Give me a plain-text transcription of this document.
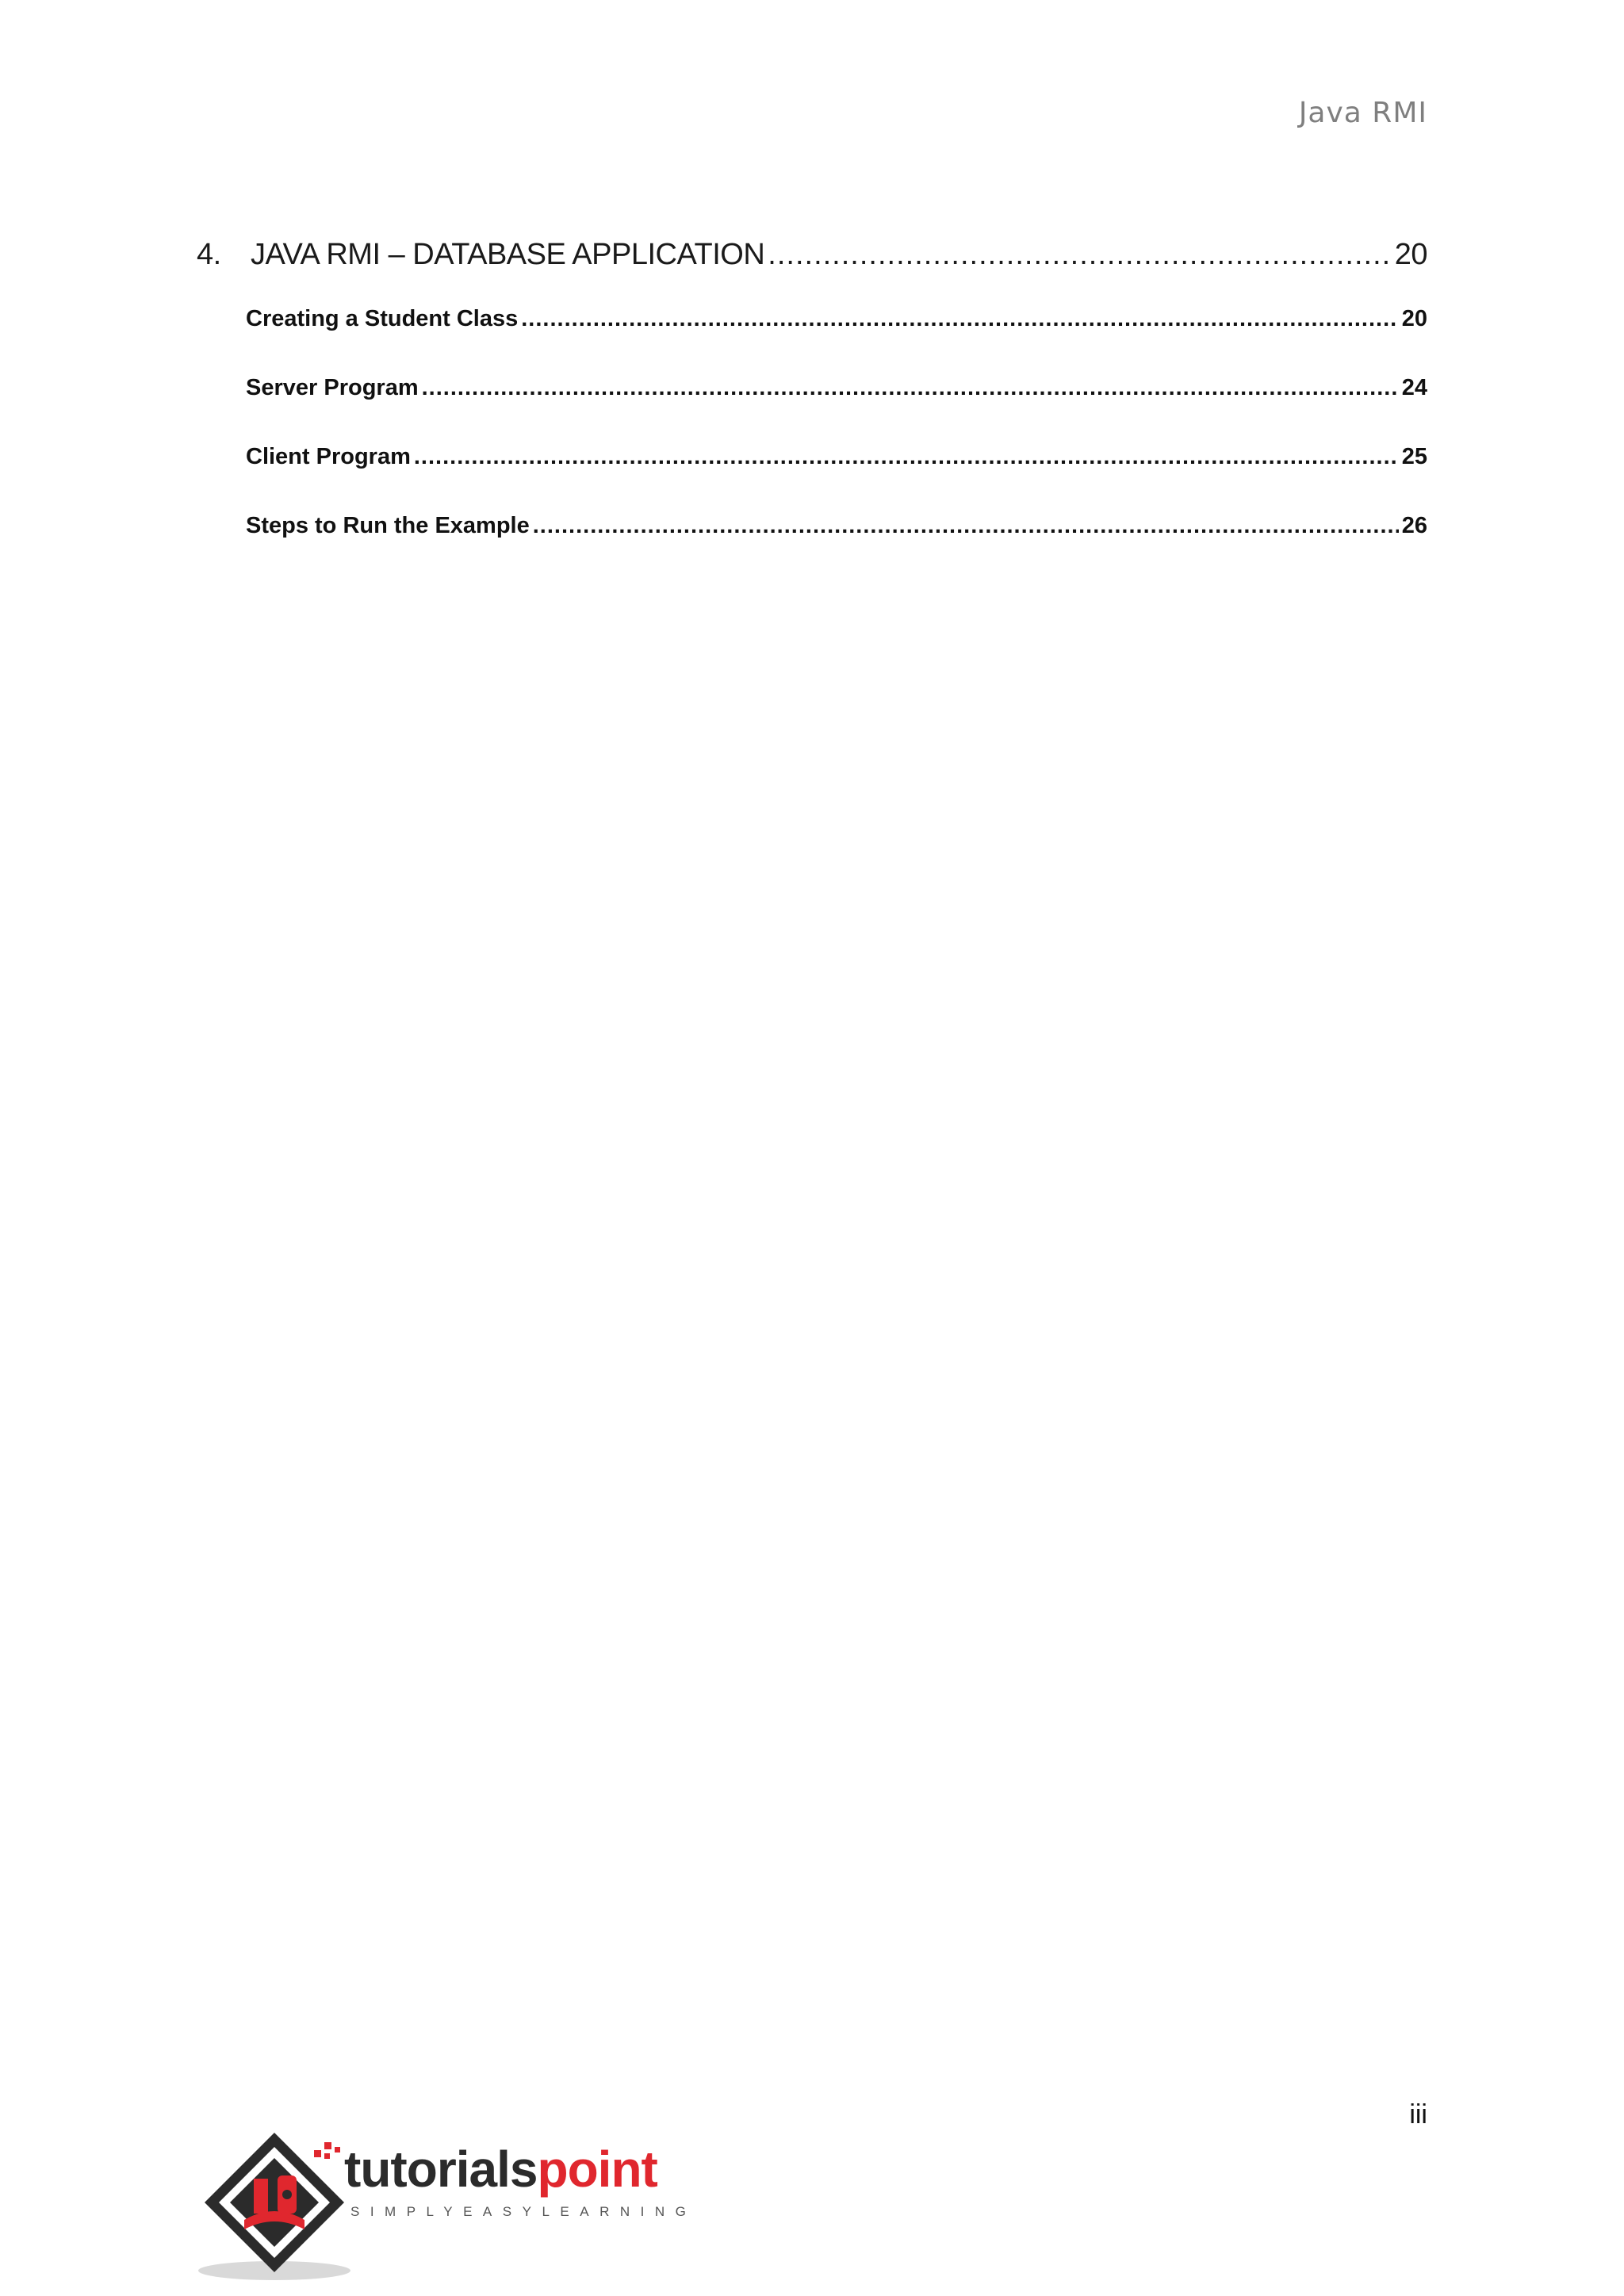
Java RMI
4. JAVA RMI – DATABASE APPLICATION .....	20
Creating a Student Class .....	20
Server Program .....	24
Client Program .....	25
Steps to Run the Example .....	26
iii
tutorialspoint
SIMPLYEASYLEARNING
